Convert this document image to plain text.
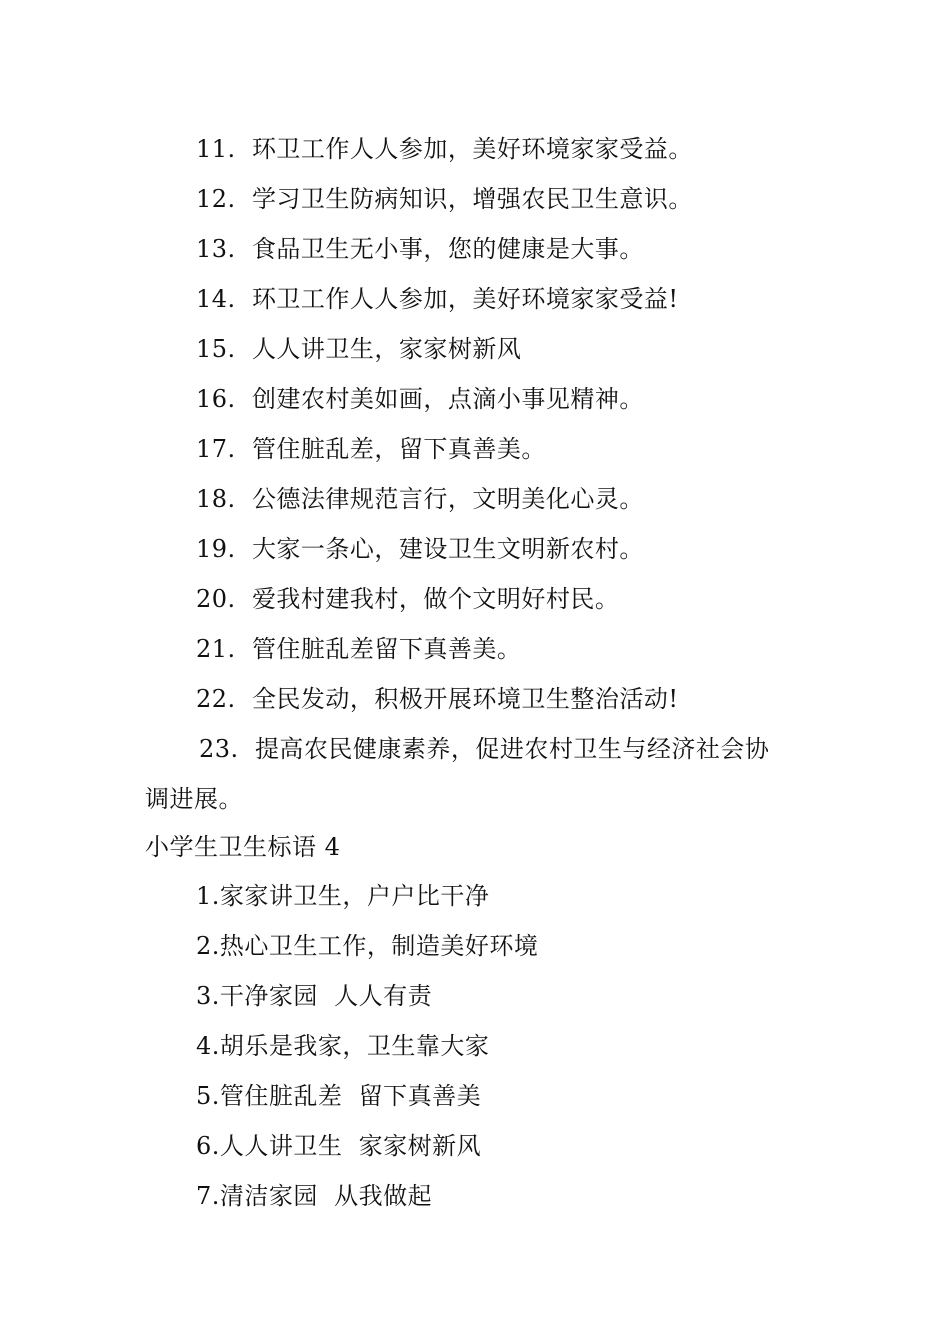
11. 环卫工作人人参加，美好环境家家受益。
12. 学习卫生防病知识，增强农民卫生意识。
13. 食品卫生无小事，您的健康是大事。
14. 环卫工作人人参加，美好环境家家受益!
15. 人人讲卫生，家家树新风
16. 创建农村美如画，点滴小事见精神。
17. 管住脏乱差，留下真善美。
18. 公德法律规范言行，文明美化心灵。
19. 大家一条心，建设卫生文明新农村。
20. 爱我村建我村，做个文明好村民。
21. 管住脏乱差留下真善美。
22. 全民发动，积极开展环境卫生整治活动!
23. 提高农民健康素养，促进农村卫生与经济社会协
调进展。
小学生卫生标语 4
1.家家讲卫生，户户比干净
2.热心卫生工作，制造美好环境
3.干净家园  人人有责
4.胡乐是我家，卫生靠大家
5.管住脏乱差  留下真善美
6.人人讲卫生  家家树新风
7.清洁家园  从我做起
